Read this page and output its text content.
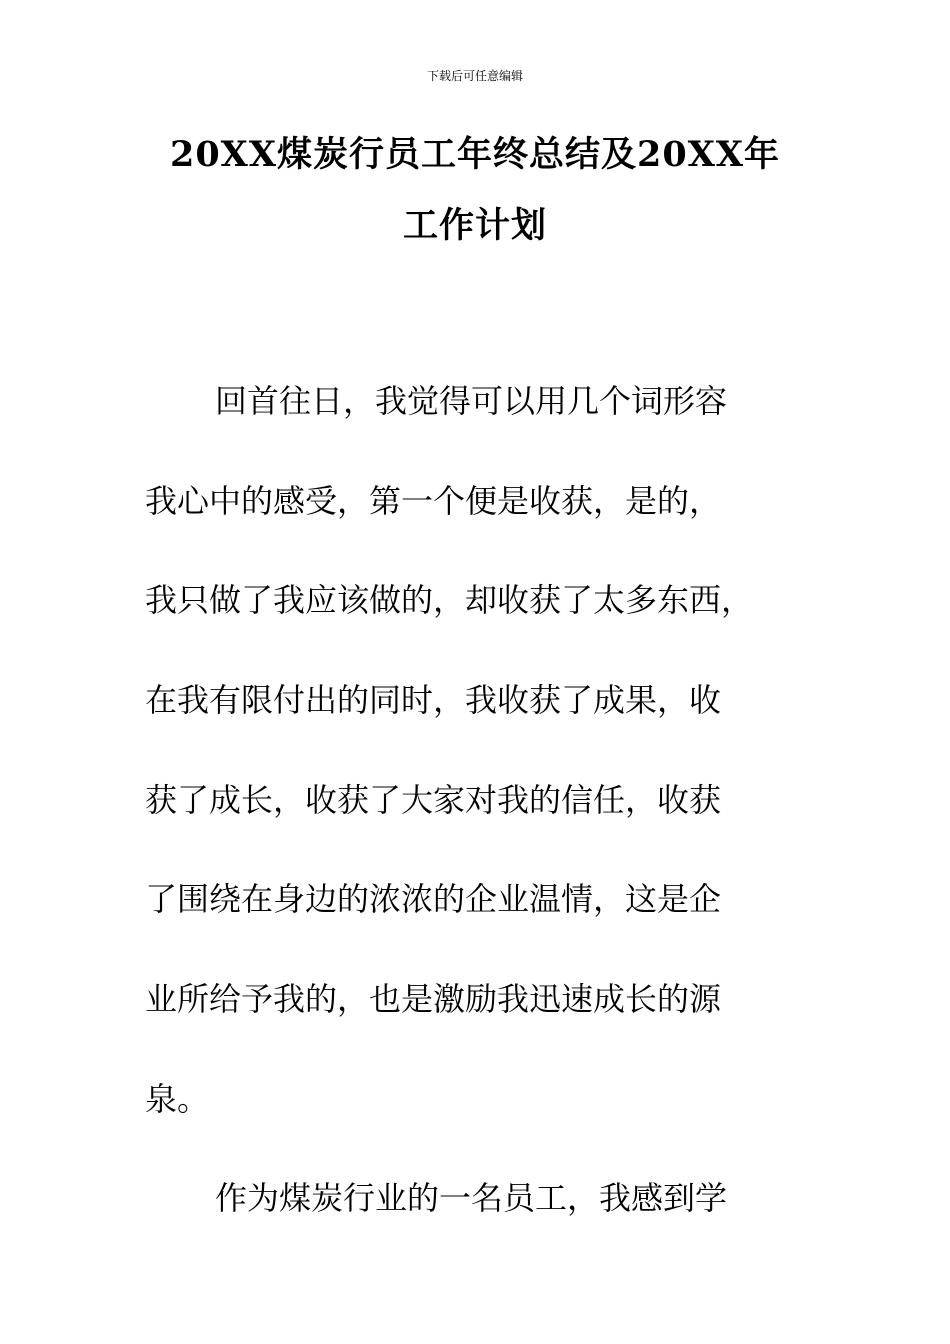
下载后可任意编辑
20XX煤炭行员工年终总结及20XX年
工作计划
回首往日，我觉得可以用几个词形容
我心中的感受，第一个便是收获，是的，
我只做了我应该做的，却收获了太多东西，
在我有限付出的同时，我收获了成果，收
获了成长，收获了大家对我的信任，收获
了围绕在身边的浓浓的企业温情，这是企
业所给予我的，也是激励我迅速成长的源
泉。
作为煤炭行业的一名员工，我感到学
